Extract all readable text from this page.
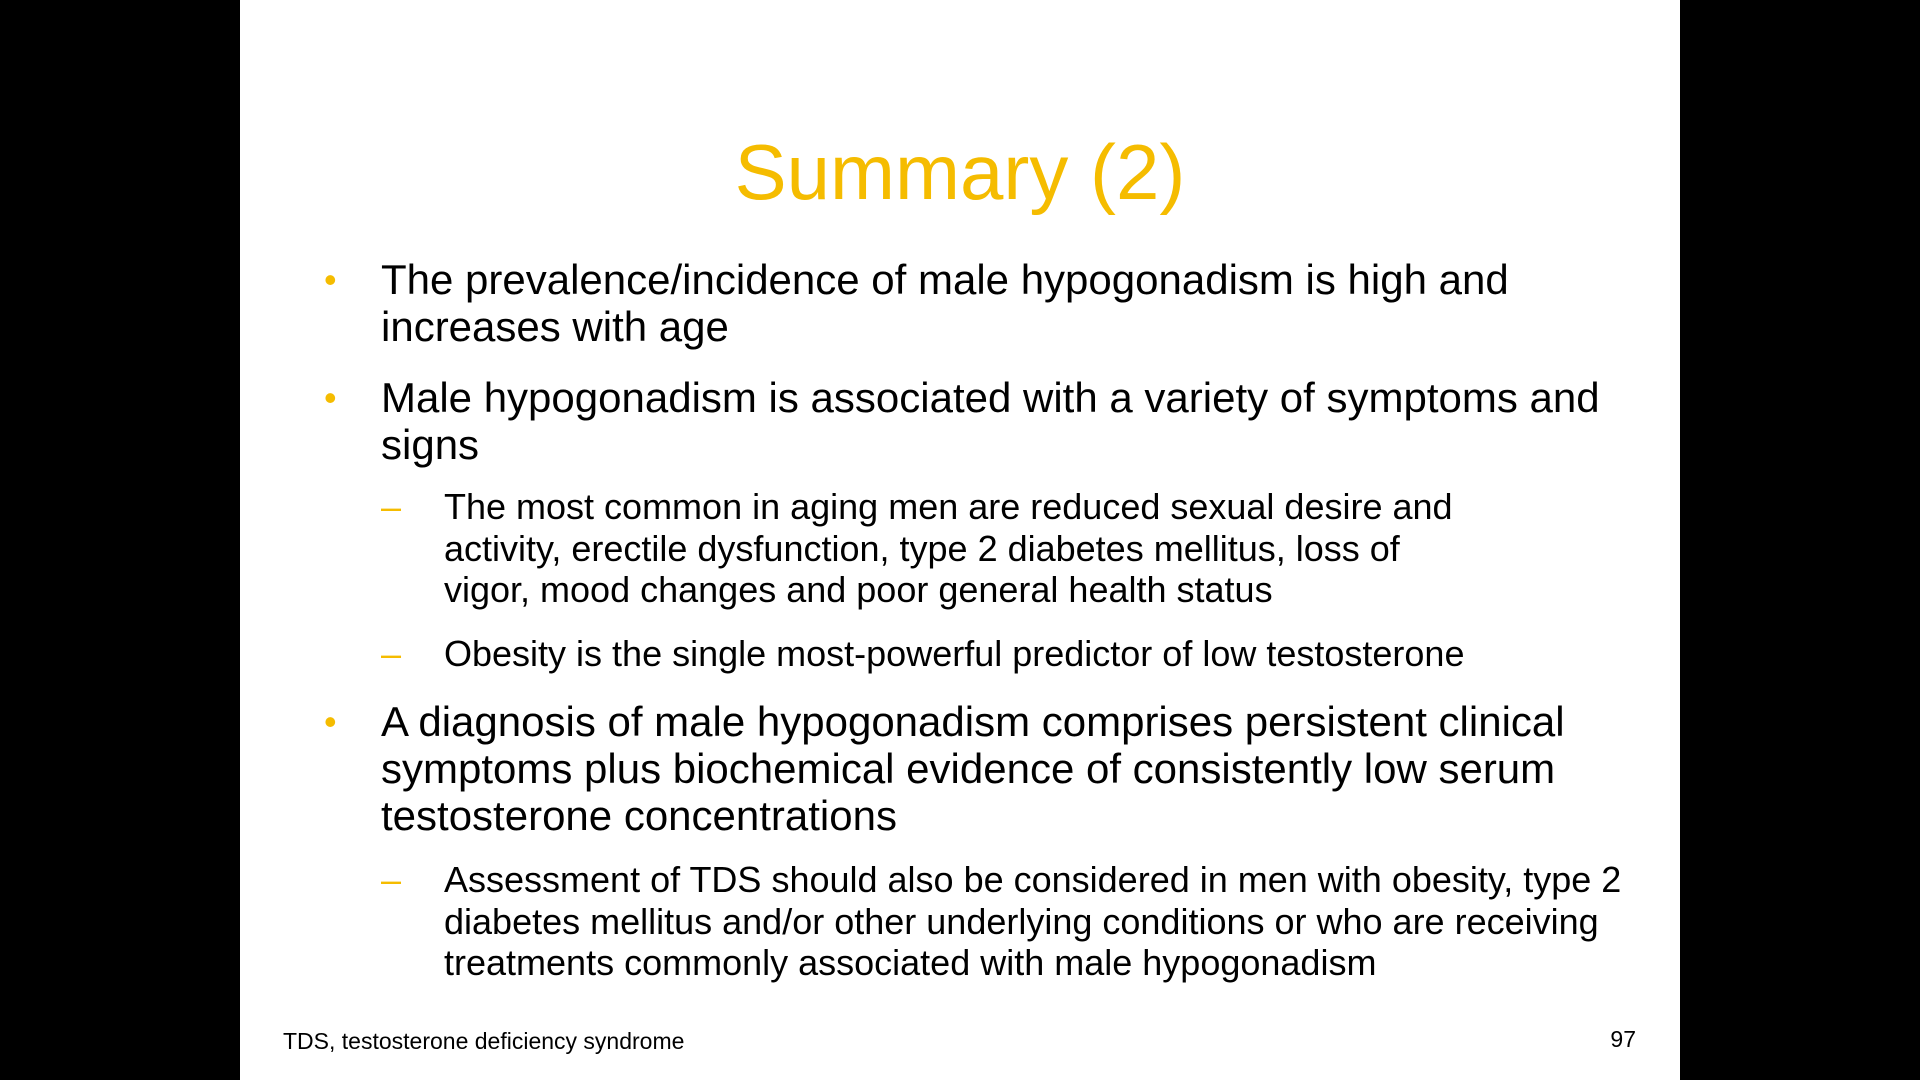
Summary (2)
• The prevalence/incidence of male hypogonadism is high and increases with age
• Male hypogonadism is associated with a variety of symptoms and signs
– The most common in aging men are reduced sexual desire and activity, erectile dysfunction, type 2 diabetes mellitus, loss of vigor, mood changes and poor general health status
– Obesity is the single most-powerful predictor of low testosterone
• A diagnosis of male hypogonadism comprises persistent clinical symptoms plus biochemical evidence of consistently low serum testosterone concentrations
– Assessment of TDS should also be considered in men with obesity, type 2 diabetes mellitus and/or other underlying conditions or who are receiving treatments commonly associated with male hypogonadism
TDS, testosterone deficiency syndrome	97
